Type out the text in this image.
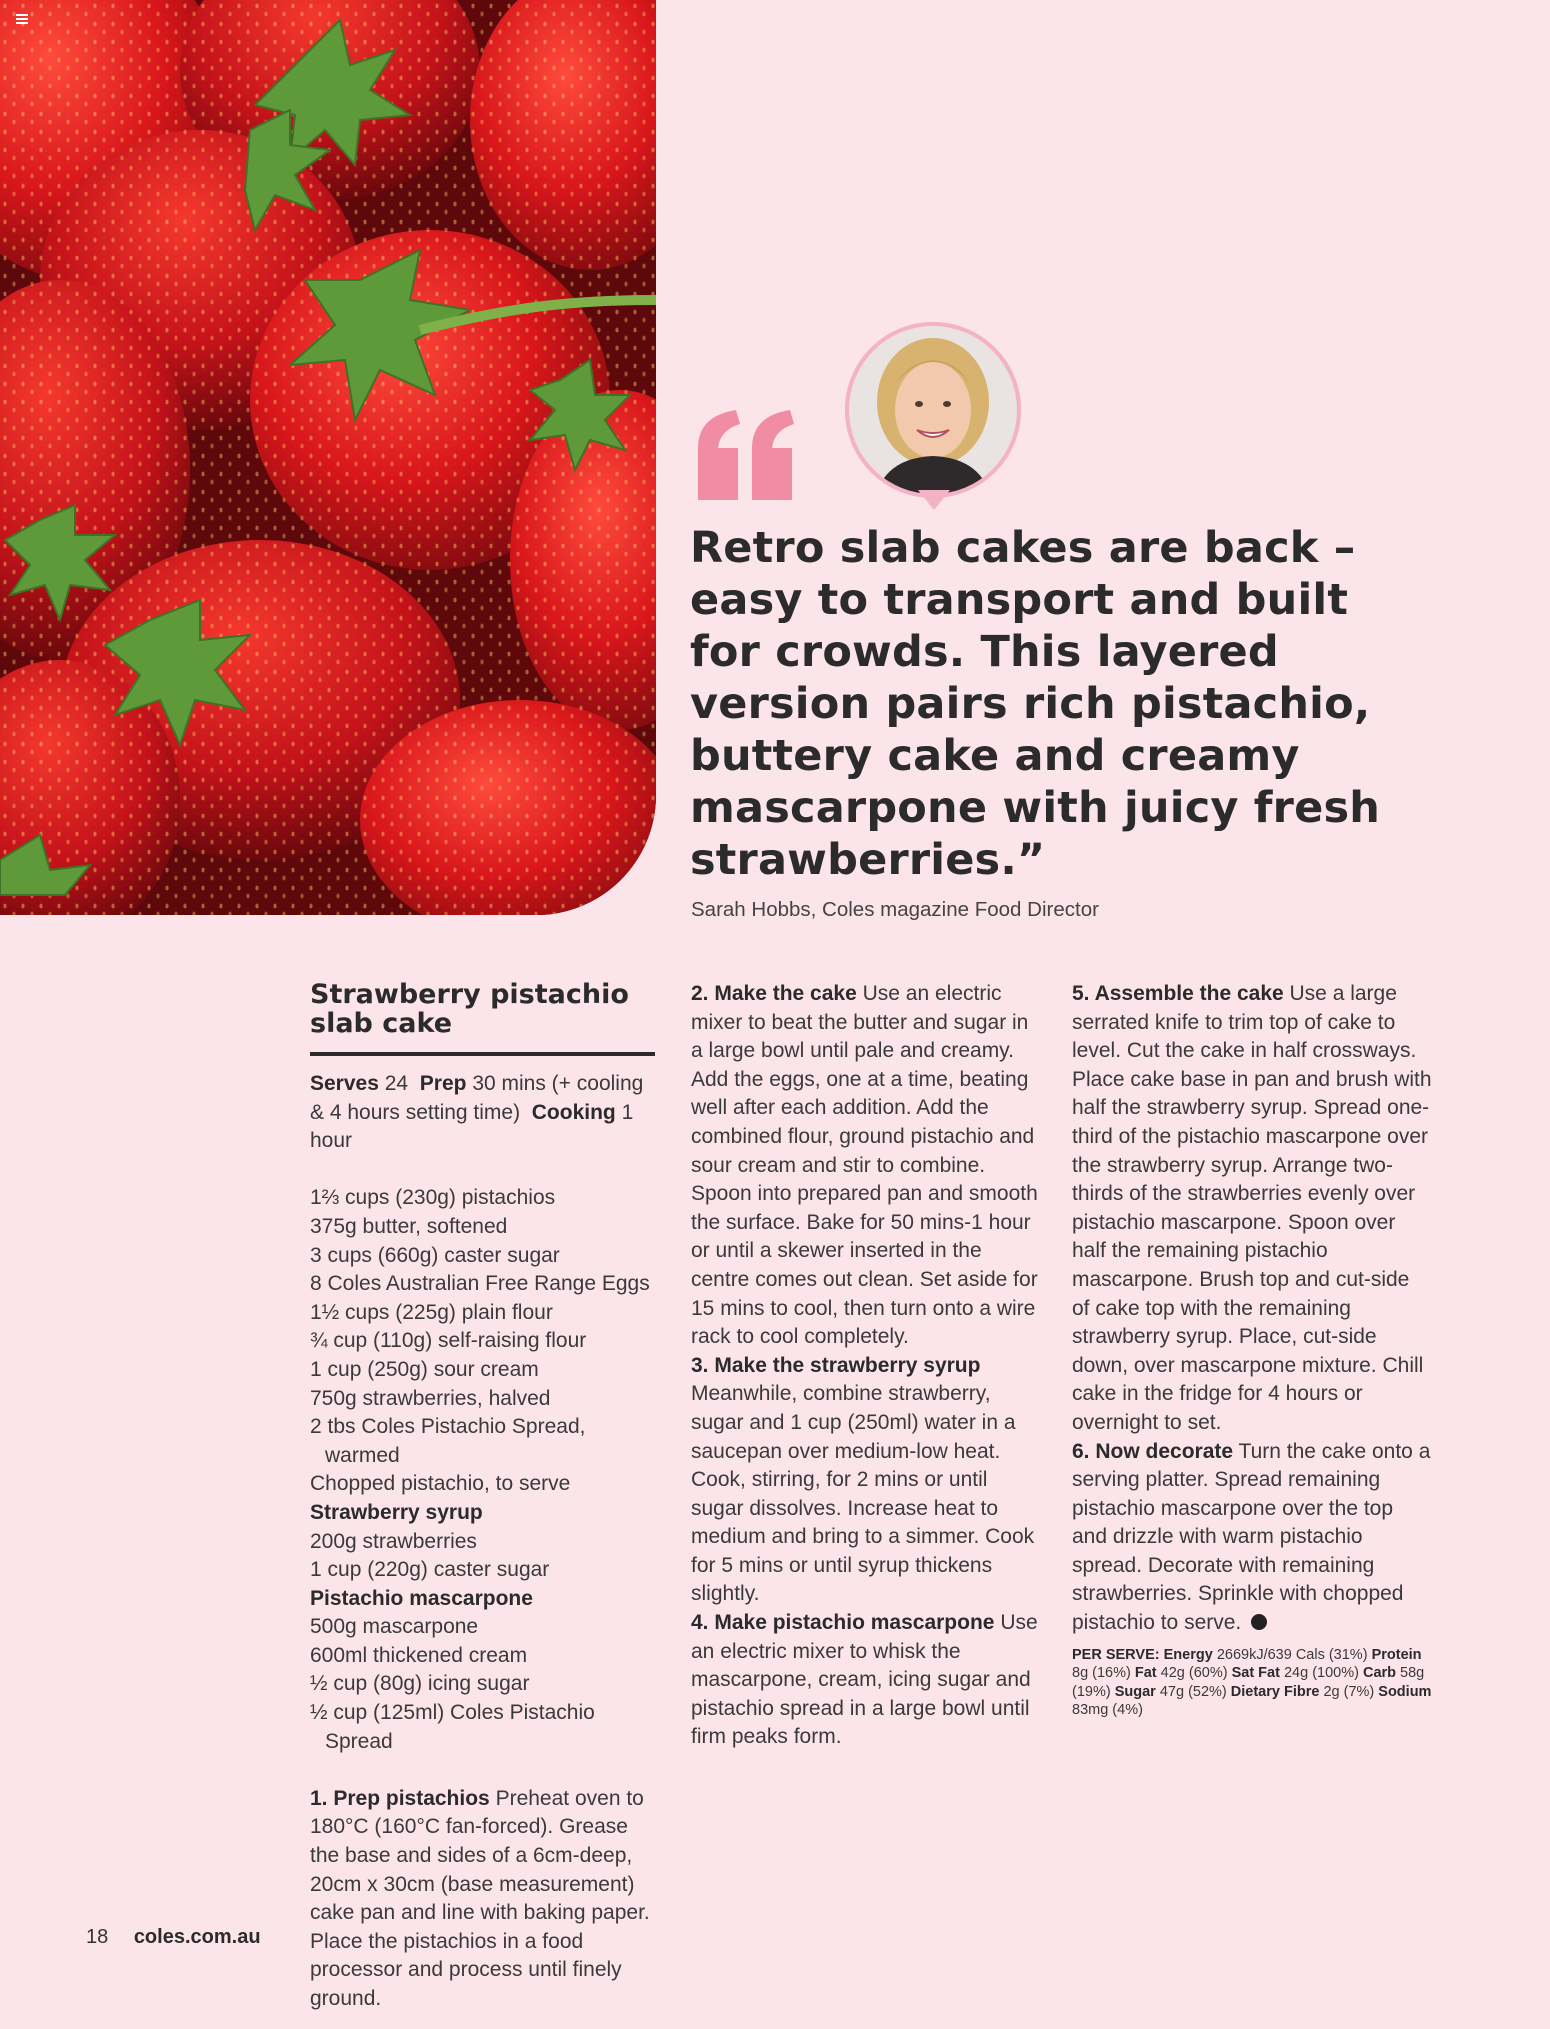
Retro slab cakes are back – easy to transport and built for crowds. This layered version pairs rich pistachio, buttery cake and creamy mascarpone with juicy fresh strawberries.”

Sarah Hobbs, Coles magazine Food Director
Strawberry pistachio
slab cake
Serves 24 Prep 30 mins (+ cooling & 4 hours setting time) Cooking 1 hour
1⅔ cups (230g) pistachios
375g butter, softened
3 cups (660g) caster sugar
8 Coles Australian Free Range Eggs
1½ cups (225g) plain flour
¾ cup (110g) self-raising flour
1 cup (250g) sour cream
750g strawberries, halved
2 tbs Coles Pistachio Spread, warmed
Chopped pistachio, to serve
Strawberry syrup
200g strawberries
1 cup (220g) caster sugar
Pistachio mascarpone
500g mascarpone
600ml thickened cream
½ cup (80g) icing sugar
½ cup (125ml) Coles Pistachio Spread

1. Prep pistachios Preheat oven to 180°C (160°C fan-forced). Grease the base and sides of a 6cm-deep, 20cm x 30cm (base measurement) cake pan and line with baking paper. Place the pistachios in a food processor and process until finely ground.

2. Make the cake Use an electric mixer to beat the butter and sugar in a large bowl until pale and creamy. Add the eggs, one at a time, beating well after each addition. Add the combined flour, ground pistachio and sour cream and stir to combine. Spoon into prepared pan and smooth the surface. Bake for 50 mins-1 hour or until a skewer inserted in the centre comes out clean. Set aside for 15 mins to cool, then turn onto a wire rack to cool completely.

3. Make the strawberry syrup Meanwhile, combine strawberry, sugar and 1 cup (250ml) water in a saucepan over medium-low heat. Cook, stirring, for 2 mins or until sugar dissolves. Increase heat to medium and bring to a simmer. Cook for 5 mins or until syrup thickens slightly.

4. Make pistachio mascarpone Use an electric mixer to whisk the mascarpone, cream, icing sugar and pistachio spread in a large bowl until firm peaks form.

5. Assemble the cake Use a large serrated knife to trim top of cake to level. Cut the cake in half crossways. Place cake base in pan and brush with half the strawberry syrup. Spread one-third of the pistachio mascarpone over the strawberry syrup. Arrange two-thirds of the strawberries evenly over pistachio mascarpone. Spoon over half the remaining pistachio mascarpone. Brush top and cut-side of cake top with the remaining strawberry syrup. Place, cut-side down, over mascarpone mixture. Chill cake in the fridge for 4 hours or overnight to set.

6. Now decorate Turn the cake onto a serving platter. Spread remaining pistachio mascarpone over the top and drizzle with warm pistachio spread. Decorate with remaining strawberries. Sprinkle with chopped pistachio to serve.

PER SERVE: Energy 2669kJ/639 Cals (31%) Protein 8g (16%) Fat 42g (60%) Sat Fat 24g (100%) Carb 58g (19%) Sugar 47g (52%) Dietary Fibre 2g (7%) Sodium 83mg (4%)
18 coles.com.au
